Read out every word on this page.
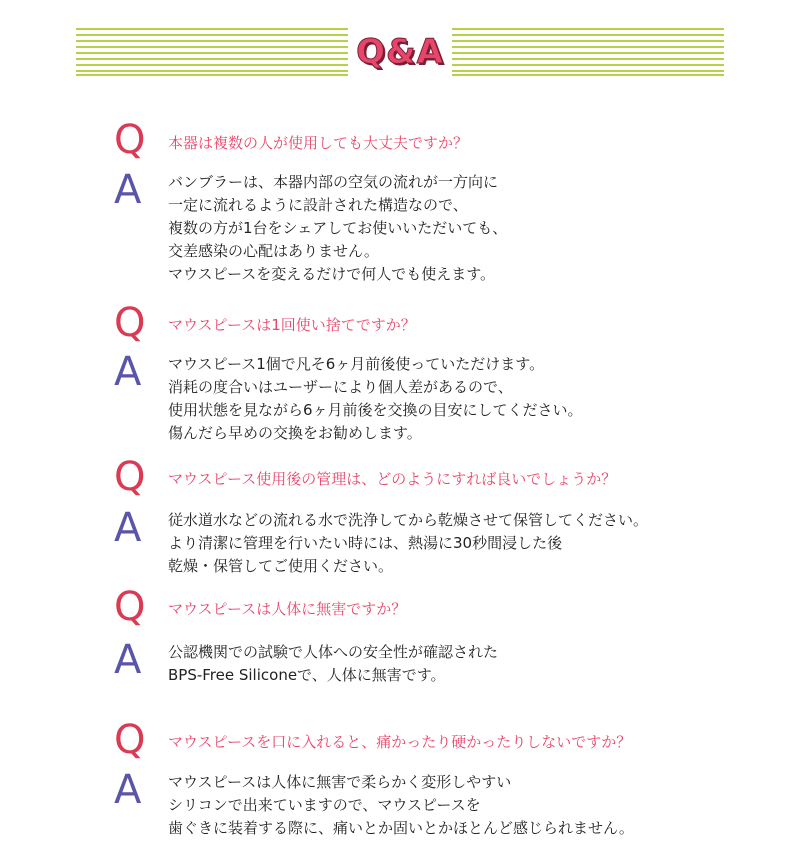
Q&A
Q 本器は複数の人が使用しても大丈夫ですか？
A バンブラーは、本器内部の空気の流れが一方向に
一定に流れるように設計された構造なので、
複数の方が1台をシェアしてお使いいただいても、
交差感染の心配はありません。
マウスピースを変えるだけで何人でも使えます。
Q マウスピースは1回使い捨てですか？
A マウスピース1個で凡そ6ヶ月前後使っていただけます。
消耗の度合いはユーザーにより個人差があるので、
使用状態を見ながら6ヶ月前後を交換の目安にしてください。
傷んだら早めの交換をお勧めします。
Q マウスピース使用後の管理は、どのようにすれば良いでしょうか？
A 従水道水などの流れる水で洗浄してから乾燥させて保管してください。
より清潔に管理を行いたい時には、熱湯に30秒間浸した後
乾燥・保管してご使用ください。
Q マウスピースは人体に無害ですか？
A 公認機関での試験で人体への安全性が確認された
BPS-Free Siliconeで、人体に無害です。
Q マウスピースを口に入れると、痛かったり硬かったりしないですか？
A マウスピースは人体に無害で柔らかく変形しやすい
シリコンで出来ていますので、マウスピースを
歯ぐきに装着する際に、痛いとか固いとかほとんど感じられません。
